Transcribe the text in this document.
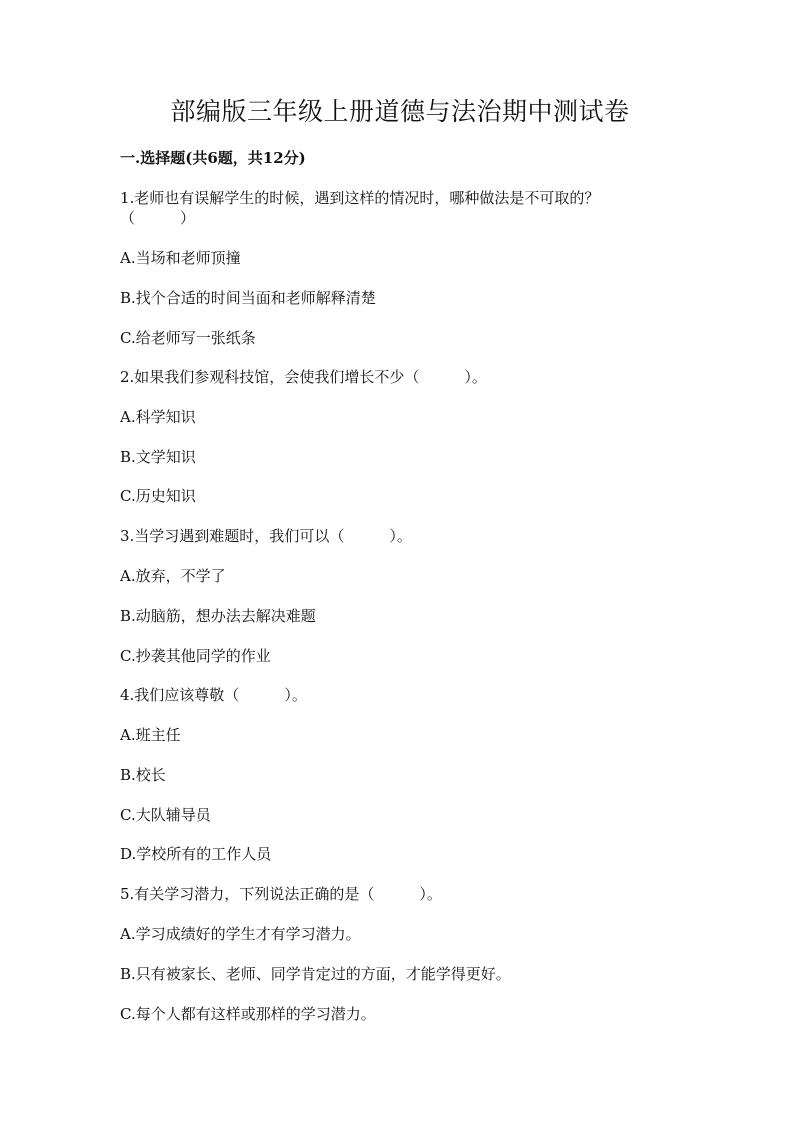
部编版三年级上册道德与法治期中测试卷
一.选择题(共6题，共12分)
1.老师也有误解学生的时候，遇到这样的情况时，哪种做法是不可取的？
（　　　）
A.当场和老师顶撞
B.找个合适的时间当面和老师解释清楚
C.给老师写一张纸条
2.如果我们参观科技馆，会使我们增长不少（　　　）。
A.科学知识
B.文学知识
C.历史知识
3.当学习遇到难题时，我们可以（　　　）。
A.放弃，不学了
B.动脑筋，想办法去解决难题
C.抄袭其他同学的作业
4.我们应该尊敬（　　　）。
A.班主任
B.校长
C.大队辅导员
D.学校所有的工作人员
5.有关学习潜力，下列说法正确的是（　　　）。
A.学习成绩好的学生才有学习潜力。
B.只有被家长、老师、同学肯定过的方面，才能学得更好。
C.每个人都有这样或那样的学习潜力。
